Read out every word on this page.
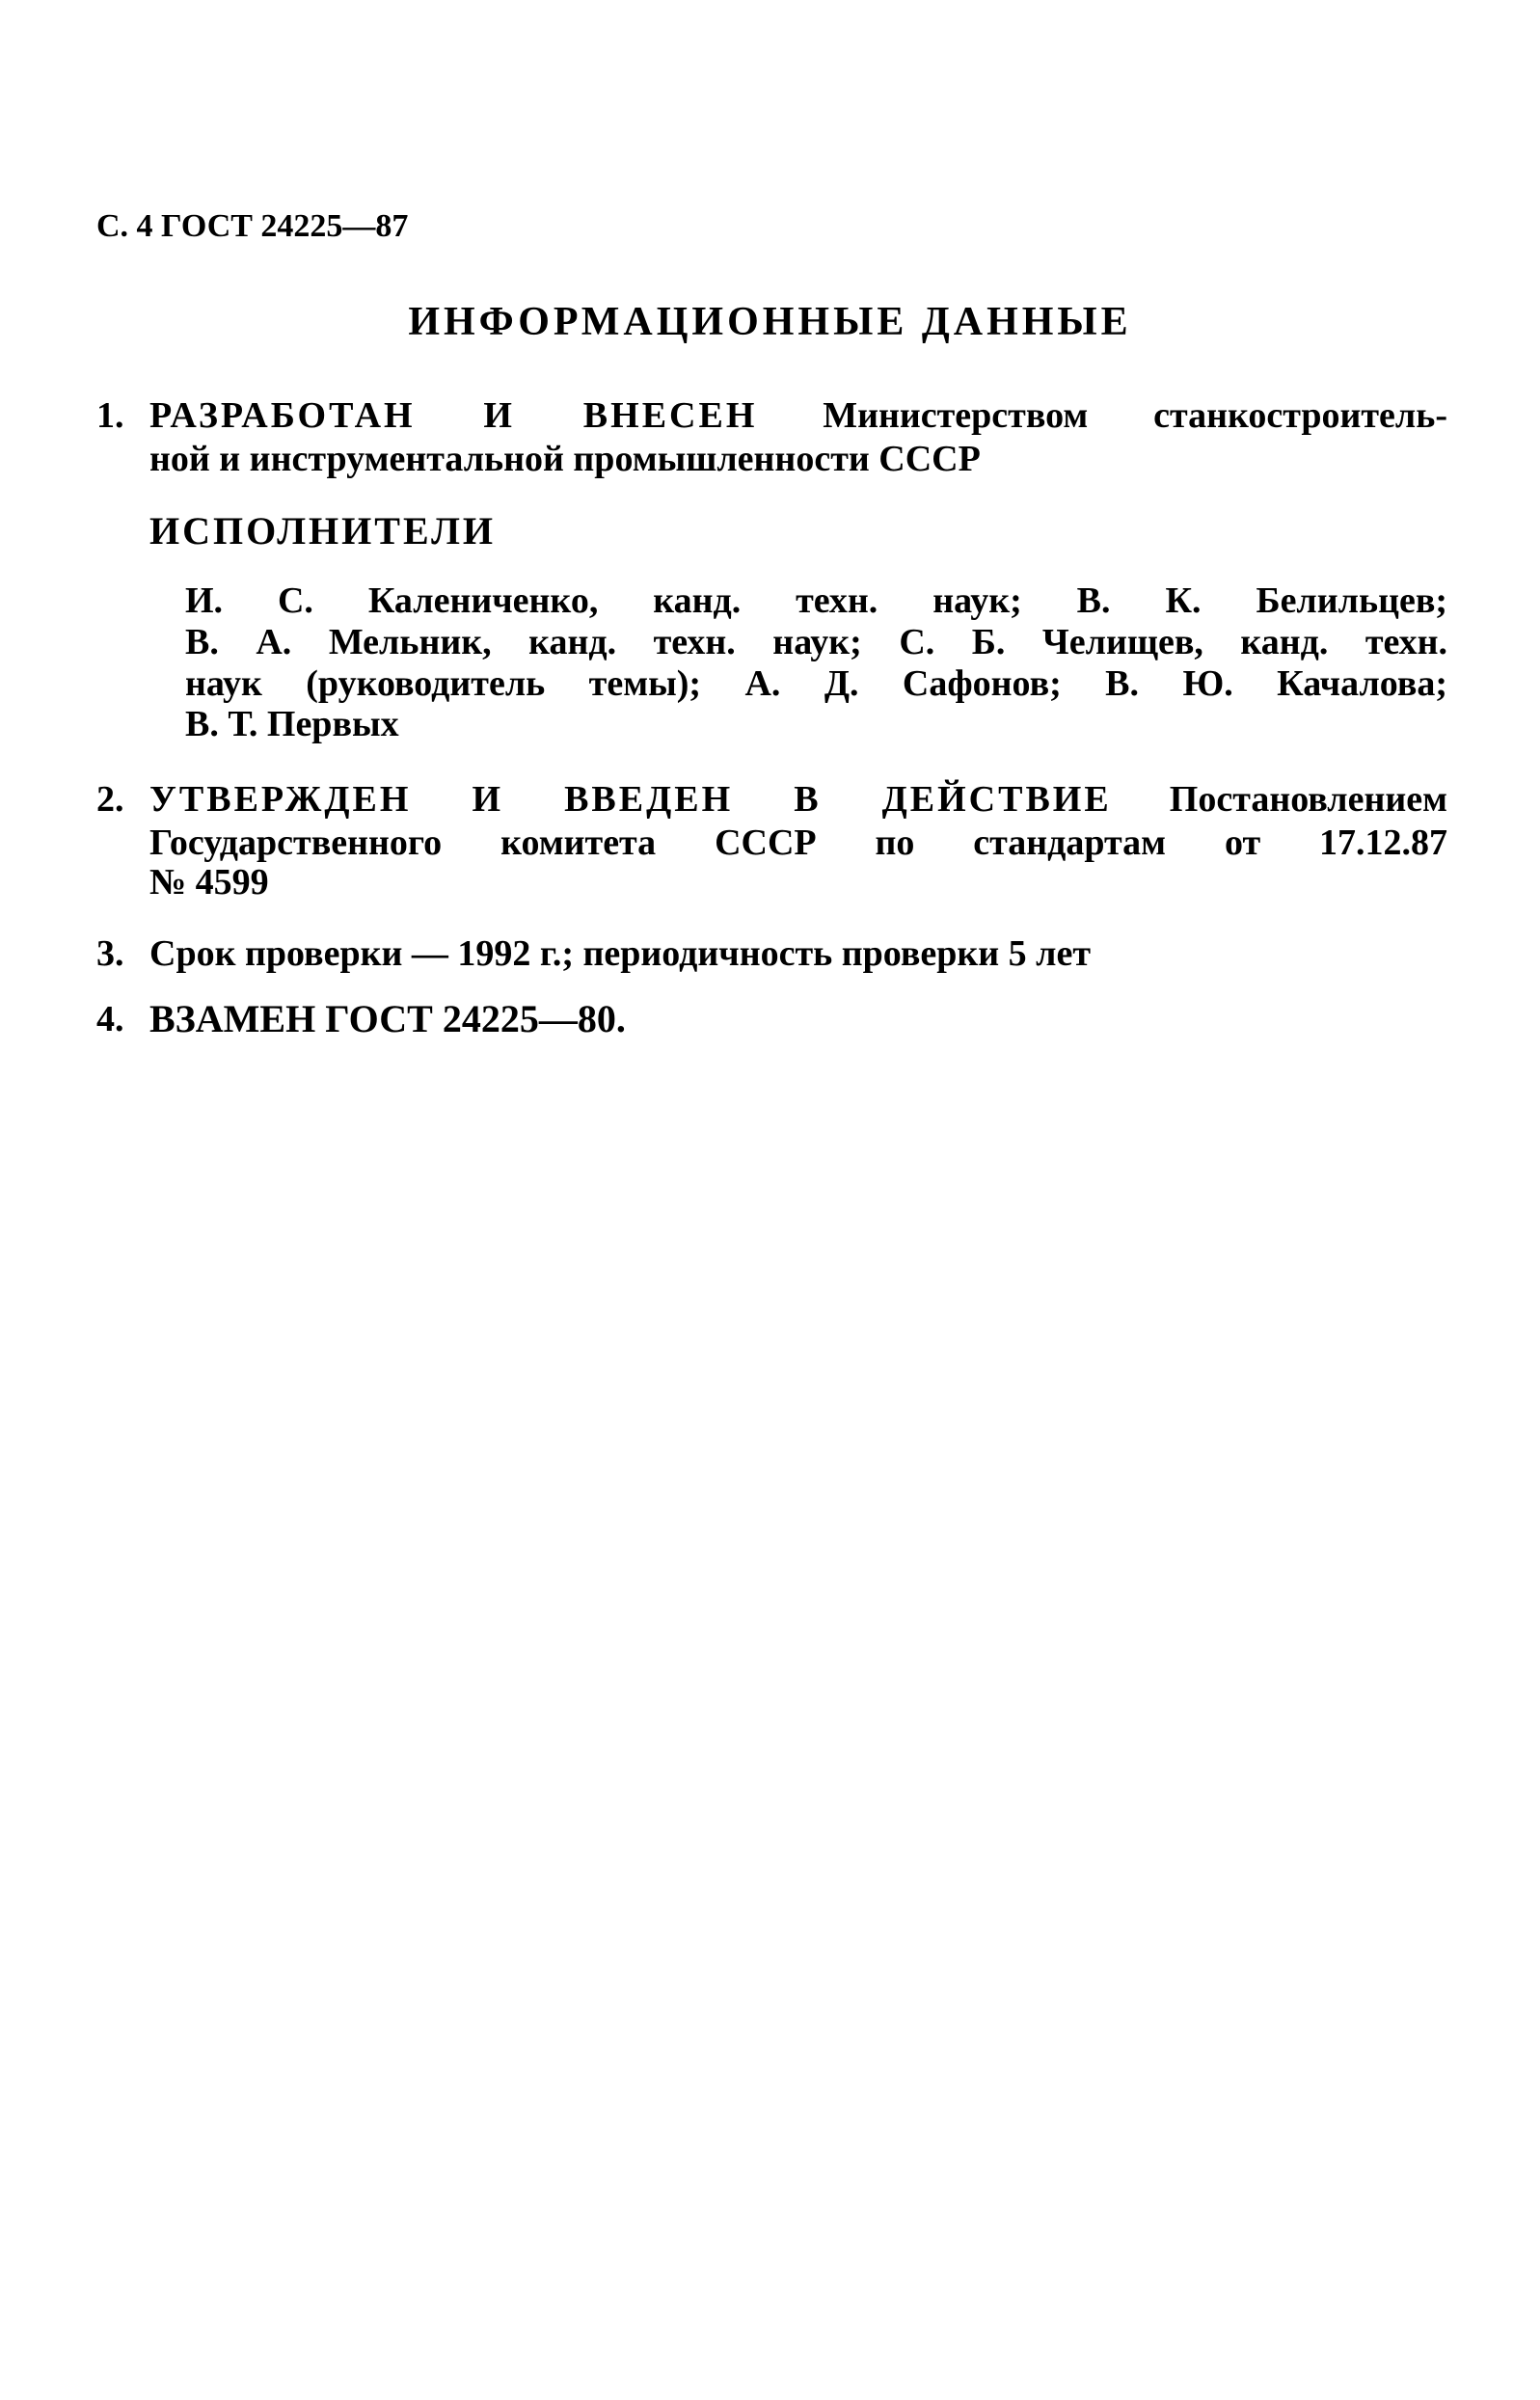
С. 4 ГОСТ 24225—87
ИНФОРМАЦИОННЫЕ ДАННЫЕ
1. РАЗРАБОТАН И ВНЕСЕН Министерством станкостроитель-
ной и инструментальной промышленности СССР
ИСПОЛНИТЕЛИ
И. С. Калениченко, канд. техн. наук; В. К. Белильцев;
В. А. Мельник, канд. техн. наук; С. Б. Челищев, канд. техн.
наук (руководитель темы); А. Д. Сафонов; В. Ю. Качалова;
В. Т. Первых
2. УТВЕРЖДЕН И ВВЕДЕН В ДЕЙСТВИЕ Постановлением
Государственного комитета СССР по стандартам от 17.12.87
№ 4599
3. Срок проверки — 1992 г.; периодичность проверки 5 лет
4. ВЗАМЕН ГОСТ 24225—80.
